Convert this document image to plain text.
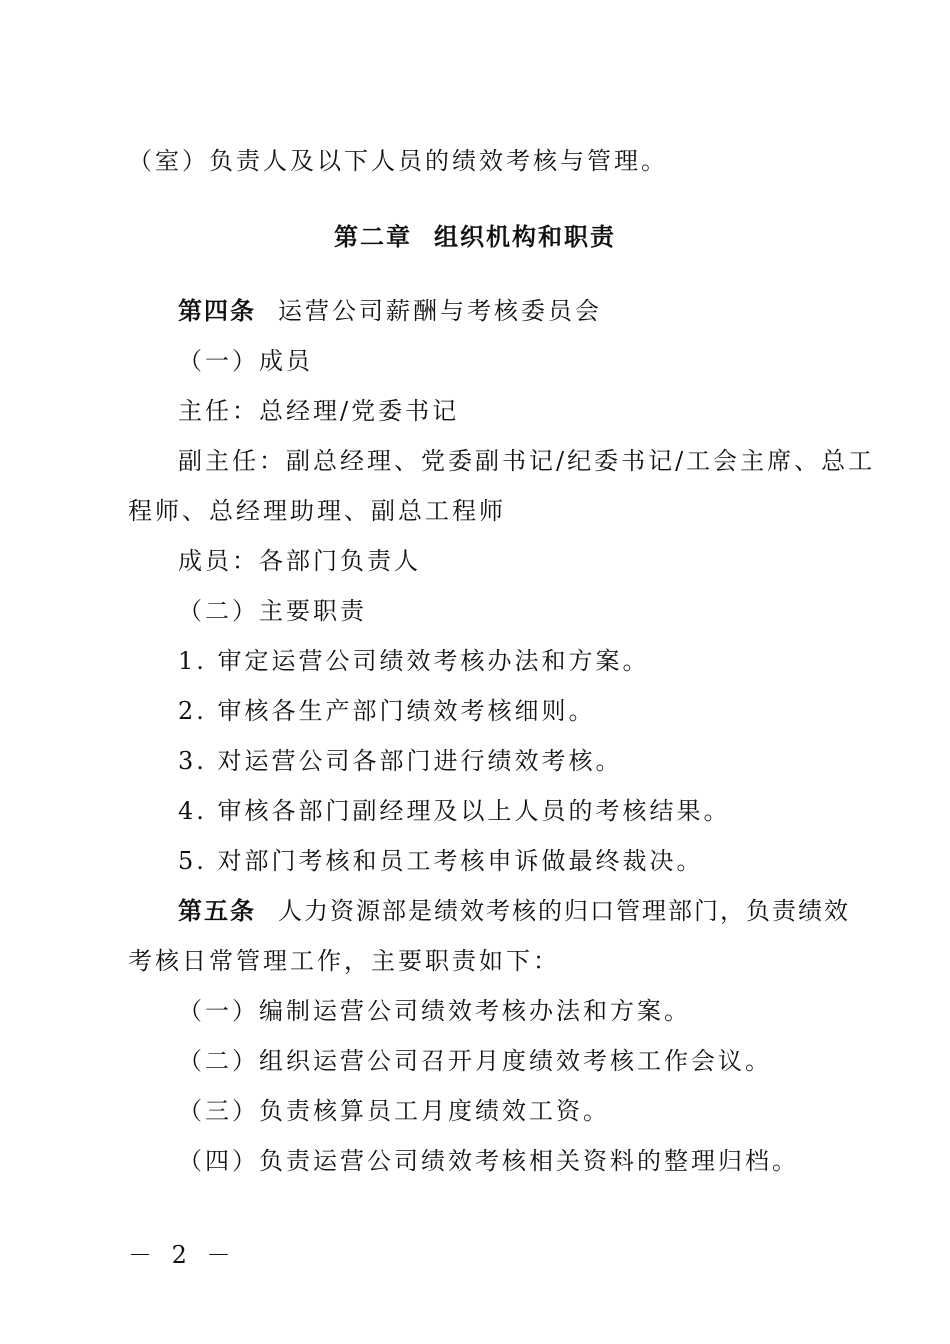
（室）负责人及以下人员的绩效考核与管理。
第二章 组织机构和职责
第四条 运营公司薪酬与考核委员会
（一）成员
主任：总经理/党委书记
副主任：副总经理、党委副书记/纪委书记/工会主席、总工
程师、总经理助理、副总工程师
成员：各部门负责人
（二）主要职责
1. 审定运营公司绩效考核办法和方案。
2. 审核各生产部门绩效考核细则。
3. 对运营公司各部门进行绩效考核。
4. 审核各部门副经理及以上人员的考核结果。
5. 对部门考核和员工考核申诉做最终裁决。
第五条 人力资源部是绩效考核的归口管理部门，负责绩效
考核日常管理工作，主要职责如下：
（一）编制运营公司绩效考核办法和方案。
（二）组织运营公司召开月度绩效考核工作会议。
（三）负责核算员工月度绩效工资。
（四）负责运营公司绩效考核相关资料的整理归档。
－ 2 －
